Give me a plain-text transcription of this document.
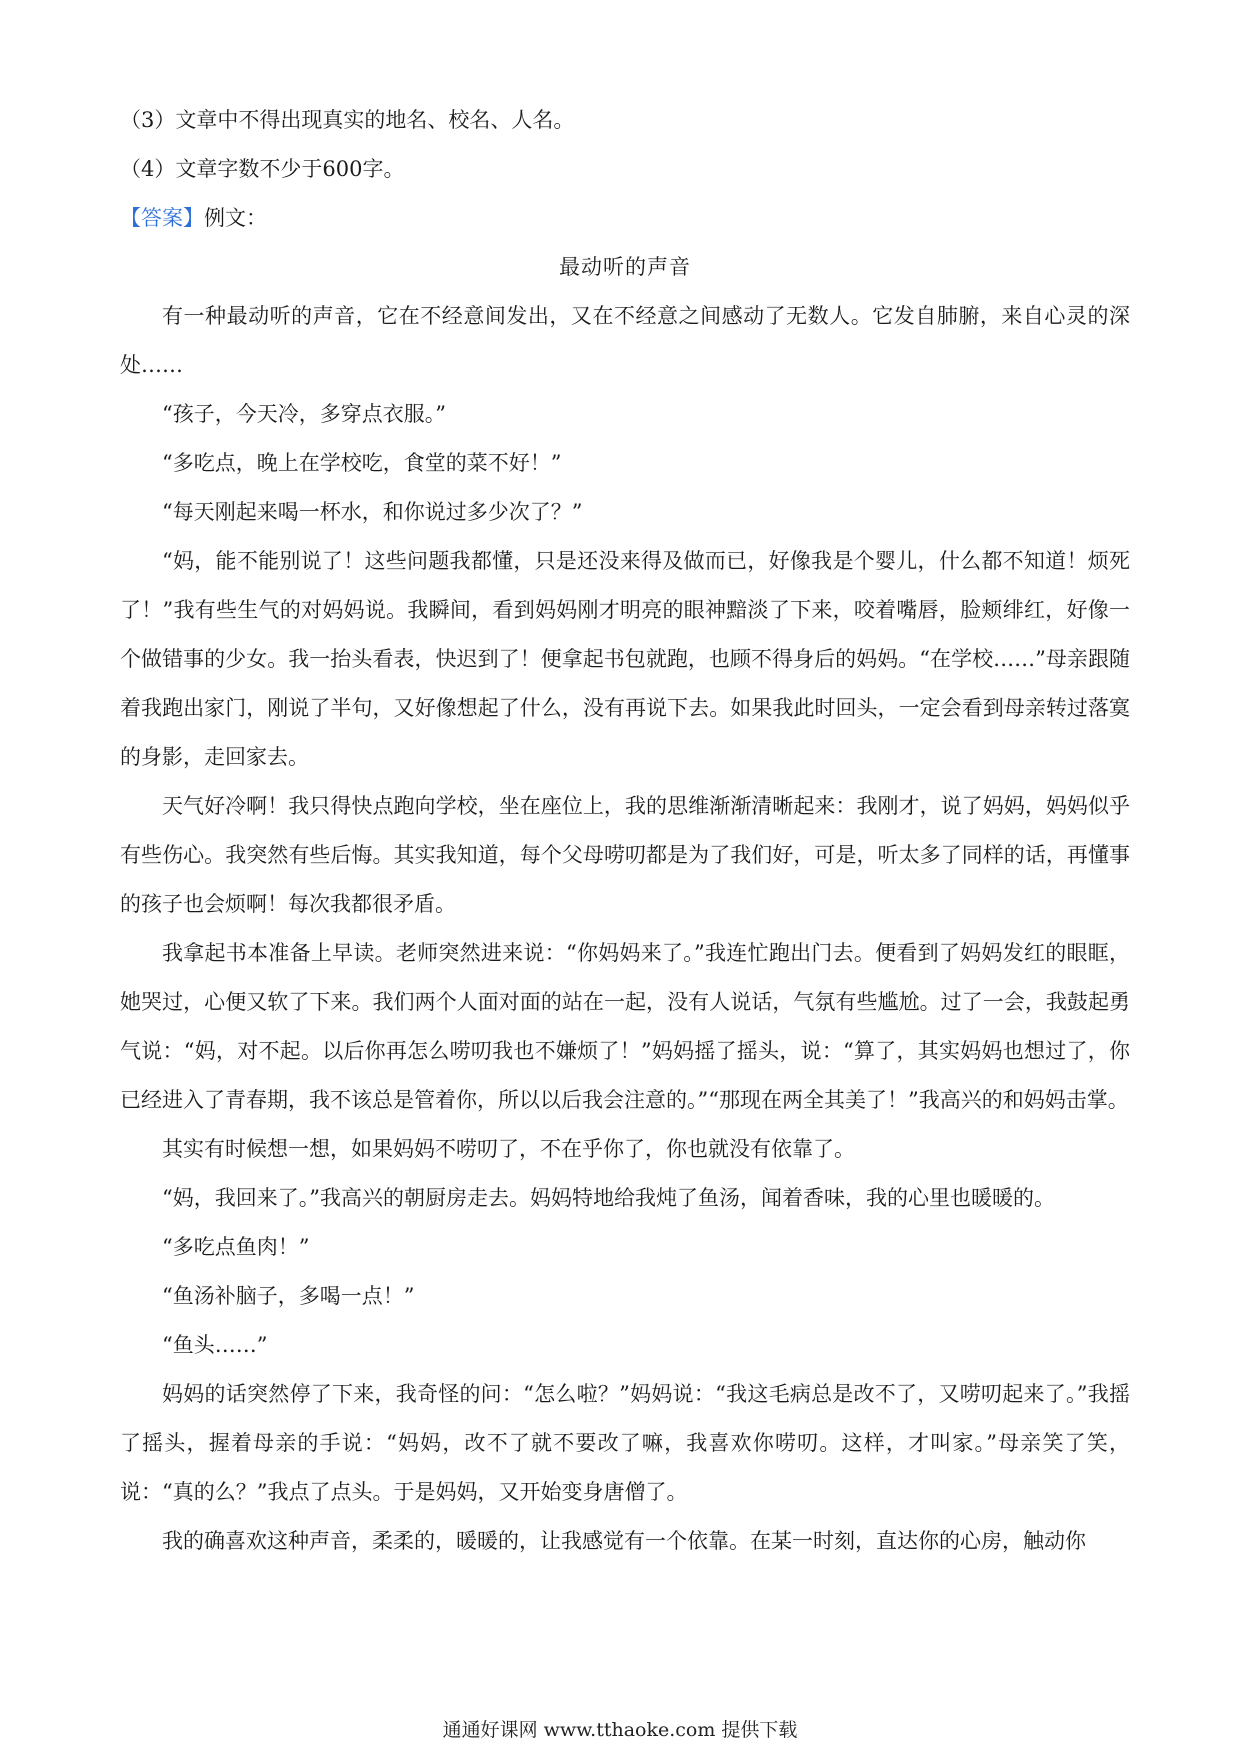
（3）文章中不得出现真实的地名、校名、人名。

（4）文章字数不少于600字。

【答案】例文：

最动听的声音

有一种最动听的声音，它在不经意间发出，又在不经意之间感动了无数人。它发自肺腑，来自心灵的深处……

“孩子，今天冷，多穿点衣服。”

“多吃点，晚上在学校吃，食堂的菜不好！”

“每天刚起来喝一杯水，和你说过多少次了？”

“妈，能不能别说了！这些问题我都懂，只是还没来得及做而已，好像我是个婴儿，什么都不知道！烦死了！”我有些生气的对妈妈说。我瞬间，看到妈妈刚才明亮的眼神黯淡了下来，咬着嘴唇，脸颊绯红，好像一个做错事的少女。我一抬头看表，快迟到了！便拿起书包就跑，也顾不得身后的妈妈。“在学校……”母亲跟随着我跑出家门，刚说了半句，又好像想起了什么，没有再说下去。如果我此时回头，一定会看到母亲转过落寞的身影，走回家去。

天气好冷啊！我只得快点跑向学校，坐在座位上，我的思维渐渐清晰起来：我刚才，说了妈妈，妈妈似乎有些伤心。我突然有些后悔。其实我知道，每个父母唠叨都是为了我们好，可是，听太多了同样的话，再懂事的孩子也会烦啊！每次我都很矛盾。

我拿起书本准备上早读。老师突然进来说：“你妈妈来了。”我连忙跑出门去。便看到了妈妈发红的眼眶，她哭过，心便又软了下来。我们两个人面对面的站在一起，没有人说话，气氛有些尴尬。过了一会，我鼓起勇气说：“妈，对不起。以后你再怎么唠叨我也不嫌烦了！”妈妈摇了摇头，说：“算了，其实妈妈也想过了，你已经进入了青春期，我不该总是管着你，所以以后我会注意的。”“那现在两全其美了！”我高兴的和妈妈击掌。

其实有时候想一想，如果妈妈不唠叨了，不在乎你了，你也就没有依靠了。

“妈，我回来了。”我高兴的朝厨房走去。妈妈特地给我炖了鱼汤，闻着香味，我的心里也暖暖的。

“多吃点鱼肉！”

“鱼汤补脑子，多喝一点！”

“鱼头……”

妈妈的话突然停了下来，我奇怪的问：“怎么啦？”妈妈说：“我这毛病总是改不了，又唠叨起来了。”我摇了摇头，握着母亲的手说：“妈妈，改不了就不要改了嘛，我喜欢你唠叨。这样，才叫家。”母亲笑了笑，说：“真的么？”我点了点头。于是妈妈，又开始变身唐僧了。

我的确喜欢这种声音，柔柔的，暖暖的，让我感觉有一个依靠。在某一时刻，直达你的心房，触动你

通通好课网 www.tthaoke.com 提供下载
